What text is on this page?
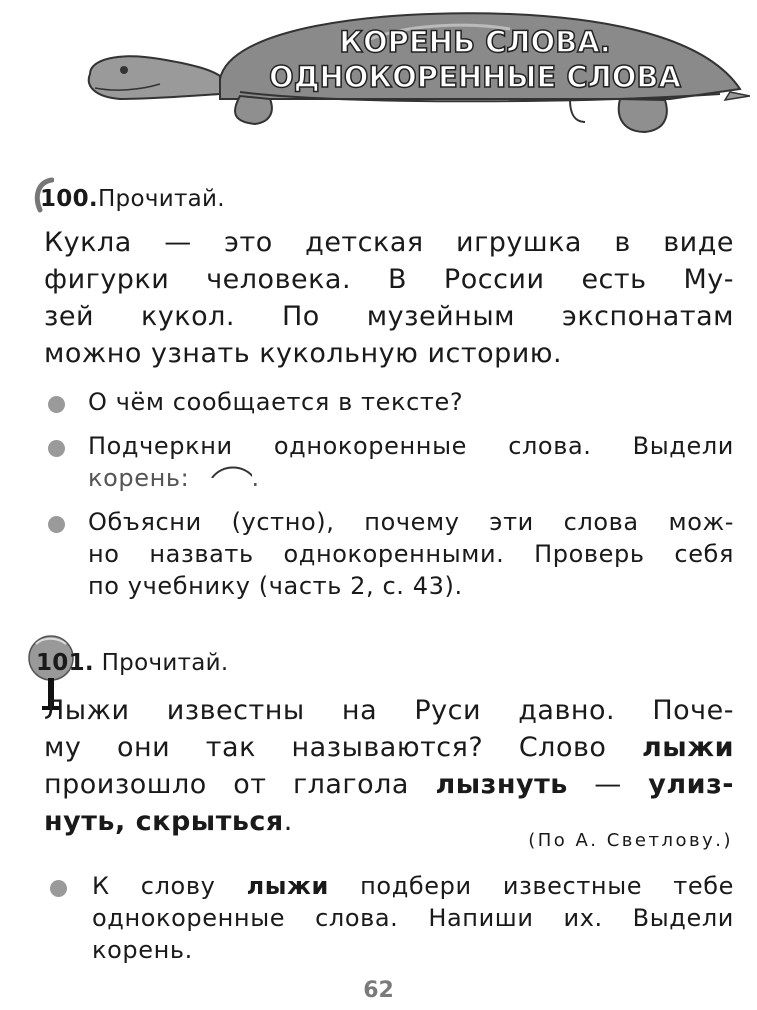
КОРЕНЬ СЛОВА.
ОДНОКОРЕННЫЕ СЛОВА
100.Прочитай.
Кукла — это детская игрушка в виде
фигурки человека. В России есть Му-
зей кукол. По музейным экспонатам
можно узнать кукольную историю.
О чём сообщается в тексте?
Подчеркни однокоренные слова. Выдели
корень:	.
Объясни (устно), почему эти слова мож-
но назвать однокоренными. Проверь себя
по учебнику (часть 2, с. 43).
101. Прочитай.
Лыжи известны на Руси давно. Поче-
му они так называются? Слово лыжи
произошло от глагола лызнуть — улиз-
нуть, скрыться.
(По А. Светлову.)
К слову лыжи подбери известные тебе
однокоренные слова. Напиши их. Выдели
корень.
62
